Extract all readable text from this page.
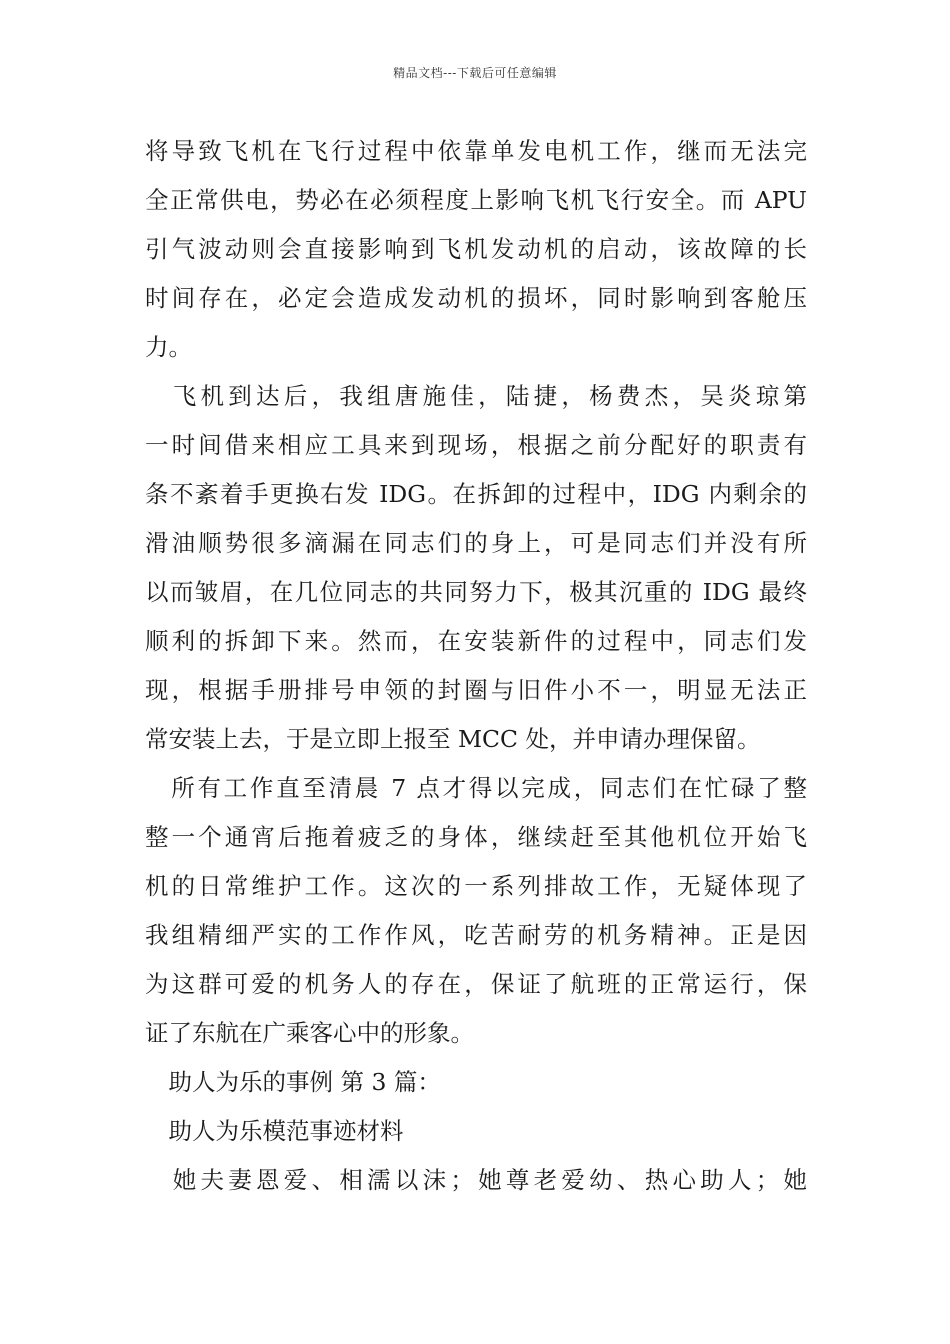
精品文档---下载后可任意编辑
将导致飞机在飞行过程中依靠单发电机工作，继而无法完
全正常供电，势必在必须程度上影响飞机飞行安全。而 APU
引气波动则会直接影响到飞机发动机的启动，该故障的长
时间存在，必定会造成发动机的损坏，同时影响到客舱压
力。
　飞机到达后，我组唐施佳，陆捷，杨费杰，吴炎琼第
一时间借来相应工具来到现场，根据之前分配好的职责有
条不紊着手更换右发 IDG。在拆卸的过程中，IDG 内剩余的
滑油顺势很多滴漏在同志们的身上，可是同志们并没有所
以而皱眉，在几位同志的共同努力下，极其沉重的 IDG 最终
顺利的拆卸下来。然而，在安装新件的过程中，同志们发
现，根据手册排号申领的封圈与旧件小不一，明显无法正
常安装上去，于是立即上报至 MCC 处，并申请办理保留。
　所有工作直至清晨 7 点才得以完成，同志们在忙碌了整
整一个通宵后拖着疲乏的身体，继续赶至其他机位开始飞
机的日常维护工作。这次的一系列排故工作，无疑体现了
我组精细严实的工作作风，吃苦耐劳的机务精神。正是因
为这群可爱的机务人的存在，保证了航班的正常运行，保
证了东航在广乘客心中的形象。
　助人为乐的事例 第 3 篇：
　助人为乐模范事迹材料
　她夫妻恩爱、相濡以沫；她尊老爱幼、热心助人；她
